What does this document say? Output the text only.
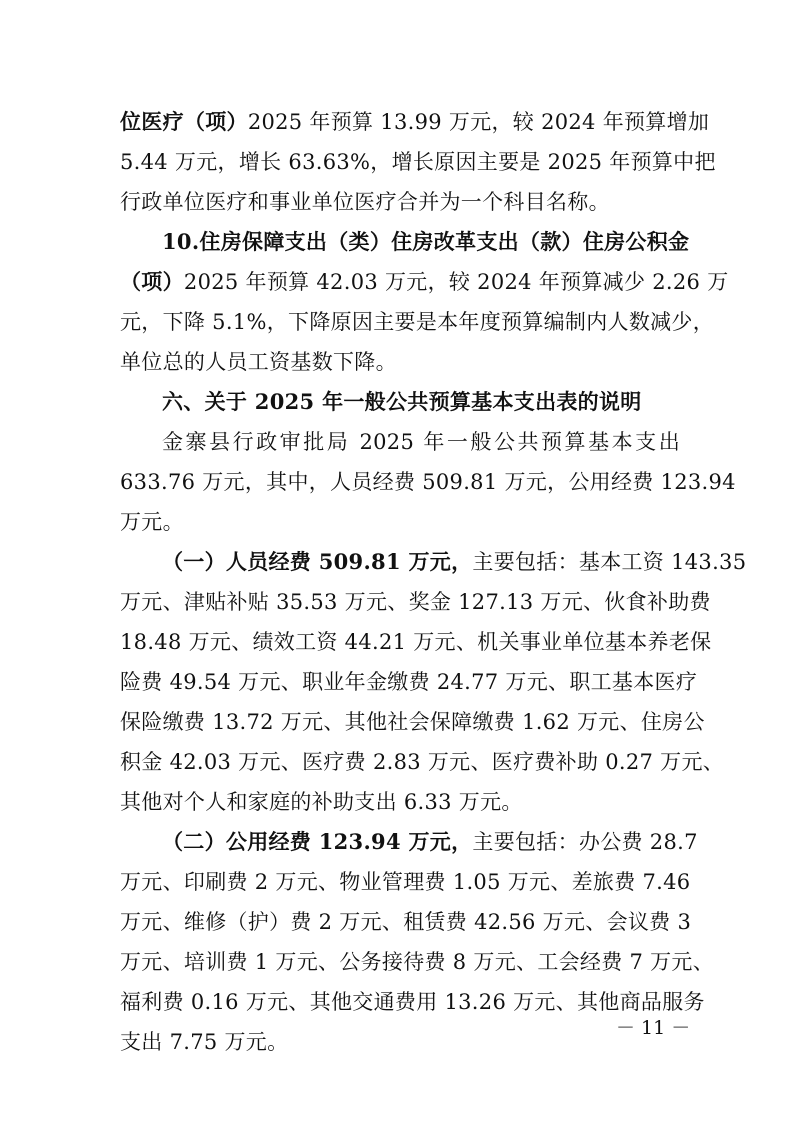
位医疗（项）2025 年预算 13.99 万元，较 2024 年预算增加
5.44 万元，增长 63.63%，增长原因主要是 2025 年预算中把
行政单位医疗和事业单位医疗合并为一个科目名称。
10.住房保障支出（类）住房改革支出（款）住房公积金
（项）2025 年预算 42.03 万元，较 2024 年预算减少 2.26 万
元，下降 5.1%，下降原因主要是本年度预算编制内人数减少，
单位总的人员工资基数下降。
六、关于 2025 年一般公共预算基本支出表的说明
金寨县行政审批局 2025 年一般公共预算基本支出
633.76 万元，其中，人员经费 509.81 万元，公用经费 123.94
万元。
（一）人员经费 509.81 万元，主要包括：基本工资 143.35
万元、津贴补贴 35.53 万元、奖金 127.13 万元、伙食补助费
18.48 万元、绩效工资 44.21 万元、机关事业单位基本养老保
险费 49.54 万元、职业年金缴费 24.77 万元、职工基本医疗
保险缴费 13.72 万元、其他社会保障缴费 1.62 万元、住房公
积金 42.03 万元、医疗费 2.83 万元、医疗费补助 0.27 万元、
其他对个人和家庭的补助支出 6.33 万元。
（二）公用经费 123.94 万元，主要包括：办公费 28.7
万元、印刷费 2 万元、物业管理费 1.05 万元、差旅费 7.46
万元、维修（护）费 2 万元、租赁费 42.56 万元、会议费 3
万元、培训费 1 万元、公务接待费 8 万元、工会经费 7 万元、
福利费 0.16 万元、其他交通费用 13.26 万元、其他商品服务
支出 7.75 万元。
－ 11 －
